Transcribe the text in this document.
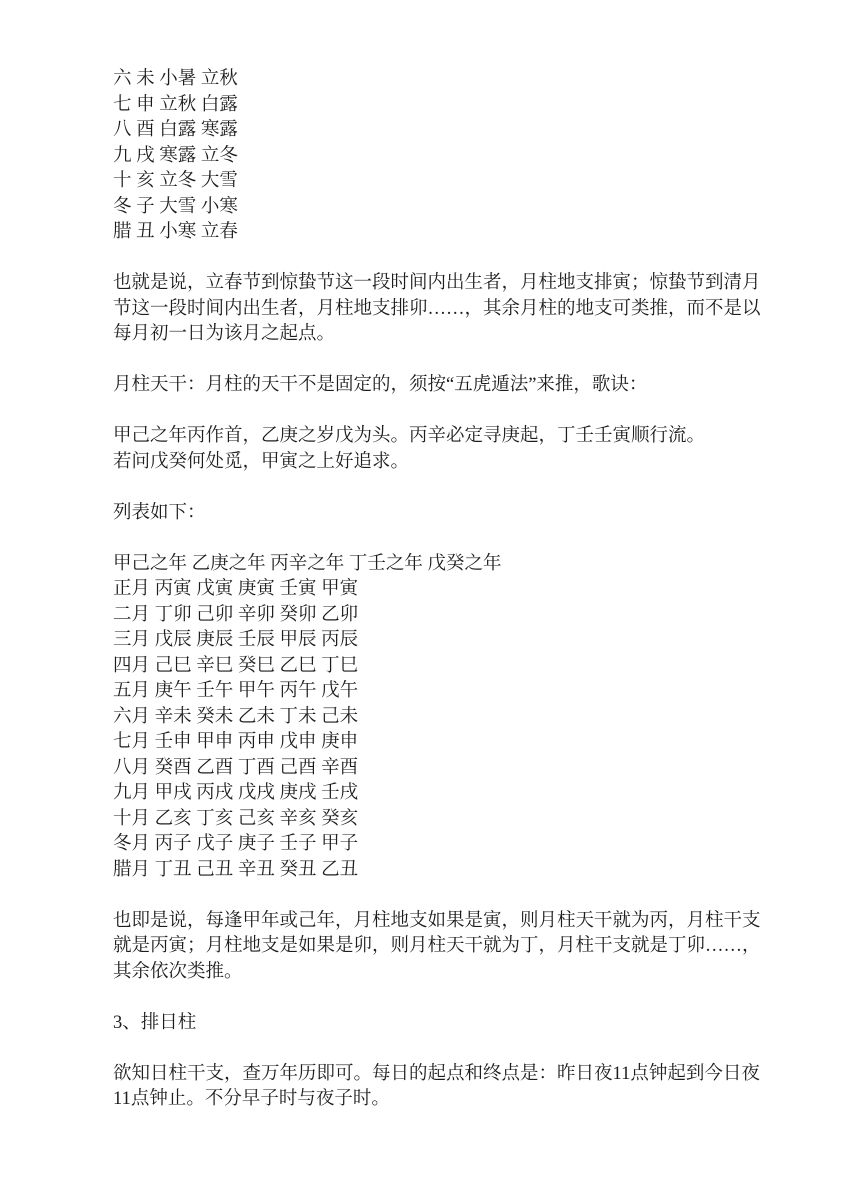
六 未 小暑 立秋
七 申 立秋 白露
八 酉 白露 寒露
九 戌 寒露 立冬
十 亥 立冬 大雪
冬 子 大雪 小寒
腊 丑 小寒 立春
也就是说，立春节到惊蛰节这一段时间内出生者，月柱地支排寅；惊蛰节到清月
节这一段时间内出生者，月柱地支排卯……，其余月柱的地支可类推，而不是以
每月初一日为该月之起点。
月柱天干：月柱的天干不是固定的，须按“五虎遁法”来推，歌诀：
甲己之年丙作首，乙庚之岁戊为头。丙辛必定寻庚起，丁壬壬寅顺行流。
若问戊癸何处觅，甲寅之上好追求。
列表如下：
甲己之年 乙庚之年 丙辛之年 丁壬之年 戊癸之年
正月 丙寅 戊寅 庚寅 壬寅 甲寅
二月 丁卯 己卯 辛卯 癸卯 乙卯
三月 戊辰 庚辰 壬辰 甲辰 丙辰
四月 己巳 辛巳 癸巳 乙巳 丁巳
五月 庚午 壬午 甲午 丙午 戊午
六月 辛未 癸未 乙未 丁未 己未
七月 壬申 甲申 丙申 戊申 庚申
八月 癸酉 乙酉 丁酉 己酉 辛酉
九月 甲戌 丙戌 戊戌 庚戌 壬戌
十月 乙亥 丁亥 己亥 辛亥 癸亥
冬月 丙子 戊子 庚子 壬子 甲子
腊月 丁丑 己丑 辛丑 癸丑 乙丑
也即是说，每逢甲年或己年，月柱地支如果是寅，则月柱天干就为丙，月柱干支
就是丙寅；月柱地支是如果是卯，则月柱天干就为丁，月柱干支就是丁卯……，
其余依次类推。
3、排日柱
欲知日柱干支，查万年历即可。每日的起点和终点是：昨日夜11点钟起到今日夜
11点钟止。不分早子时与夜子时。
